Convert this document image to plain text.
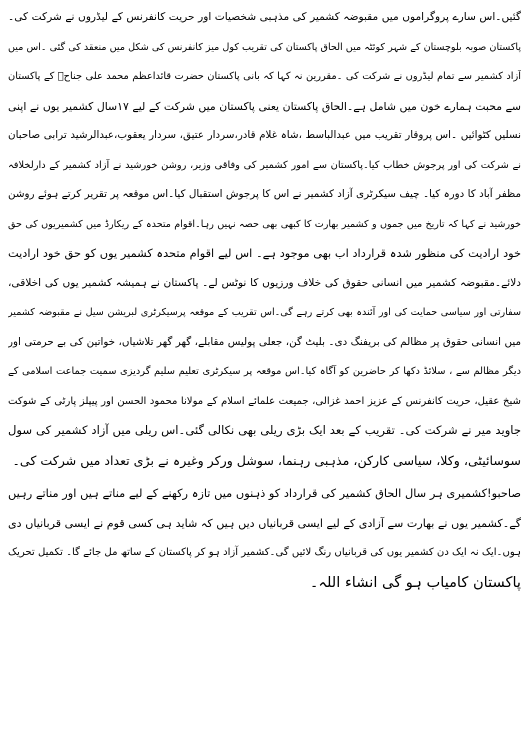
گئیں۔اس سارے پروگراموں میں مقبوضہ کشمیر کی مذہبی شخصیات اور حریت کانفرنس کے لیڈروں نے شرکت کی۔
پاکستان صوبہ بلوچستان کے شہر کوئٹہ میں الحاق پاکستان کی تقریب کول میز کانفرنس کی شکل میں منعقد کی گئی ۔اس میں
آزاد کشمیر سے تمام لیڈروں نے شرکت کی ۔مقررین نہ کہا کہ بانی پاکستان حضرت قائداعظم محمد علی جناحؒ کے پاکستان
سے محبت ہمارے خون میں شامل ہے۔الحاق پاکستان یعنی پاکستان میں شرکت کے لیے ۱۷سال کشمیر یوں نے اپنی
نسلیں کٹوائیں ۔اس پروقار تقریب میں عبدالباسط ،شاہ غلام قادر،سردار عتیق، سردار یعقوب،عبدالرشید ترابی صاحبان
نے شرکت کی اور پرجوش خطاب کیا۔پاکستان سے امور کشمیر کی وفاقی وزیر، روشن خورشید نے آزاد کشمیر کے دارلخلافہ
مظفر آباد کا دورہ کیا۔ چیف سیکرٹری آزاد کشمیر نے اس کا پرجوش استقبال کیا۔اس موقعہ پر تقریر کرتے ہوئے روشن
خورشید نے کہا کہ تاریخ میں جموں و کشمیر بھارت کا کبھی بھی حصہ نہیں رہا۔اقوام متحدہ کے ریکارڈ میں کشمیریوں کی حق
خود ارادیت کی منظور شدہ قرارداد اب بھی موجود ہے۔ اس لیے اقوام متحدہ کشمیر یوں کو حق خود ارادیت
دلائے۔مقبوضہ کشمیر میں انسانی حقوق کی خلاف ورزیوں کا نوٹس لے۔ پاکستان نے ہمیشہ کشمیر یوں کی اخلاقی،
سفارتی اور سیاسی حمایت کی اور آئندہ بھی کرتے رہے گی۔اس تقریب کے موقعہ پرسیکرٹری لبریشن سیل نے مقبوضہ کشمیر
میں انسانی حقوق پر مظالم کی بریفنگ دی۔ بلیٹ گن، جعلی پولیس مقابلے، گھر گھر تلاشیاں، خواتین کی بے حرمتی اور
دیگر مظالم سے ، سلائڈ دکھا کر حاضرین کو آگاہ کیا۔اس موقعہ پر سیکرٹری تعلیم سلیم گردیزی سمیت جماعت اسلامی کے
شیخ عقیل، حریت کانفرنس کے عزیز احمد غزالی، جمیعت علمائے اسلام کے مولانا محمود الحسن اور پیپلز پارٹی کے شوکت
جاوید میر نے شرکت کی۔ تقریب کے بعد ایک بڑی ریلی بھی نکالی گئی۔اس ریلی میں آزاد کشمیر کی سول
سوسائیٹی، وکلا، سیاسی کارکن، مذہبی رہنما، سوشل ورکر وغیرہ نے بڑی تعداد میں شرکت کی۔
صاحبو!کشمیری ہر سال الحاق کشمیر کی قرارداد کو ذہنوں میں تازہ رکھنے کے لیے مناتے ہیں اور مناتے رہیں
گے۔کشمیر یوں نے بھارت سے آزادی کے لیے ایسی قربانیاں دیں ہیں کہ شاید ہی کسی قوم نے ایسی قربانیاں دی
ہوں۔ایک نہ ایک دن کشمیر یوں کی قربانیاں رنگ لائیں گی۔کشمیر آزاد ہو کر پاکستان کے ساتھ مل جائے گا۔ تکمیل تحریک
پاکستان کامیاب ہو گی انشاء اللہ۔
